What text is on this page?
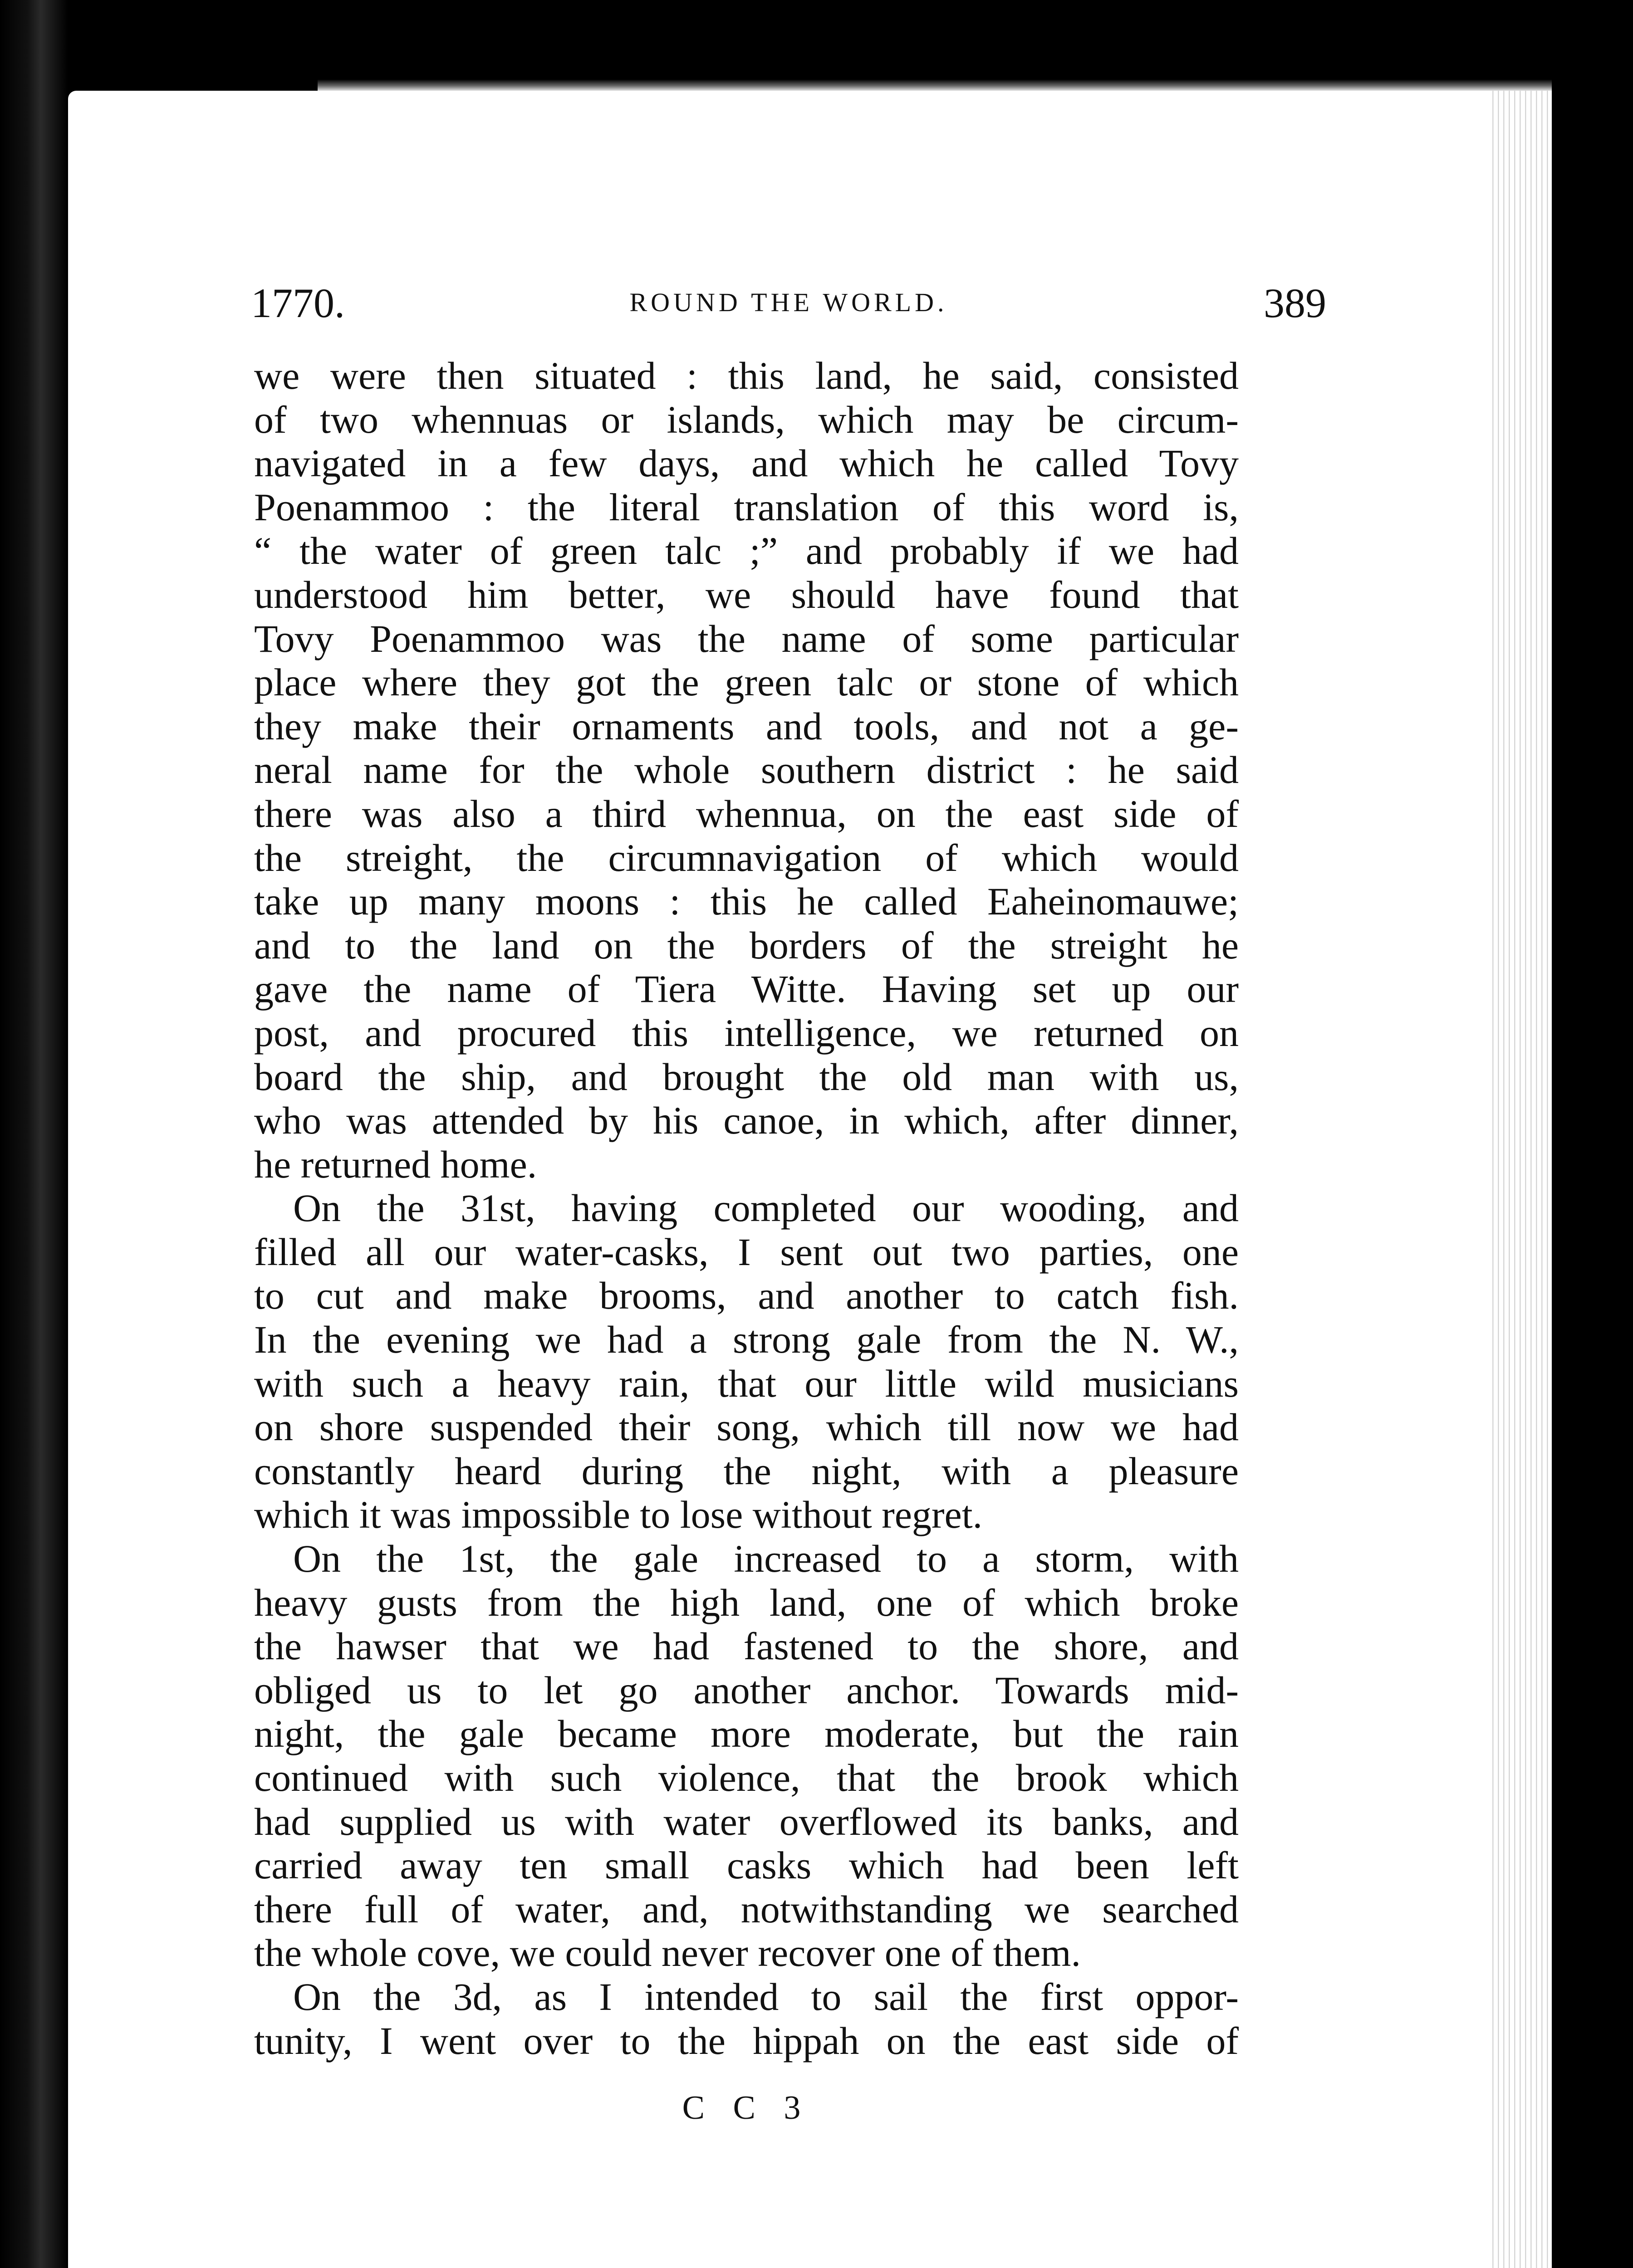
1770.	ROUND THE WORLD.	389
we were then situated : this land, he said, consisted
of two whennuas or islands, which may be circum-
navigated in a few days, and which he called Tovy
Poenammoo : the literal translation of this word is,
“ the water of green talc ;” and probably if we had
understood him better, we should have found that
Tovy Poenammoo was the name of some particular
place where they got the green talc or stone of which
they make their ornaments and tools, and not a ge-
neral name for the whole southern district : he said
there was also a third whennua, on the east side of
the streight, the circumnavigation of which would
take up many moons : this he called Eaheinomauwe;
and to the land on the borders of the streight he
gave the name of Tiera Witte. Having set up our
post, and procured this intelligence, we returned on
board the ship, and brought the old man with us,
who was attended by his canoe, in which, after dinner,
he returned home.
On the 31st, having completed our wooding, and
filled all our water-casks, I sent out two parties, one
to cut and make brooms, and another to catch fish.
In the evening we had a strong gale from the N. W.,
with such a heavy rain, that our little wild musicians
on shore suspended their song, which till now we had
constantly heard during the night, with a pleasure
which it was impossible to lose without regret.
On the 1st, the gale increased to a storm, with
heavy gusts from the high land, one of which broke
the hawser that we had fastened to the shore, and
obliged us to let go another anchor. Towards mid-
night, the gale became more moderate, but the rain
continued with such violence, that the brook which
had supplied us with water overflowed its banks, and
carried away ten small casks which had been left
there full of water, and, notwithstanding we searched
the whole cove, we could never recover one of them.
On the 3d, as I intended to sail the first oppor-
tunity, I went over to the hippah on the east side of
C C 3
